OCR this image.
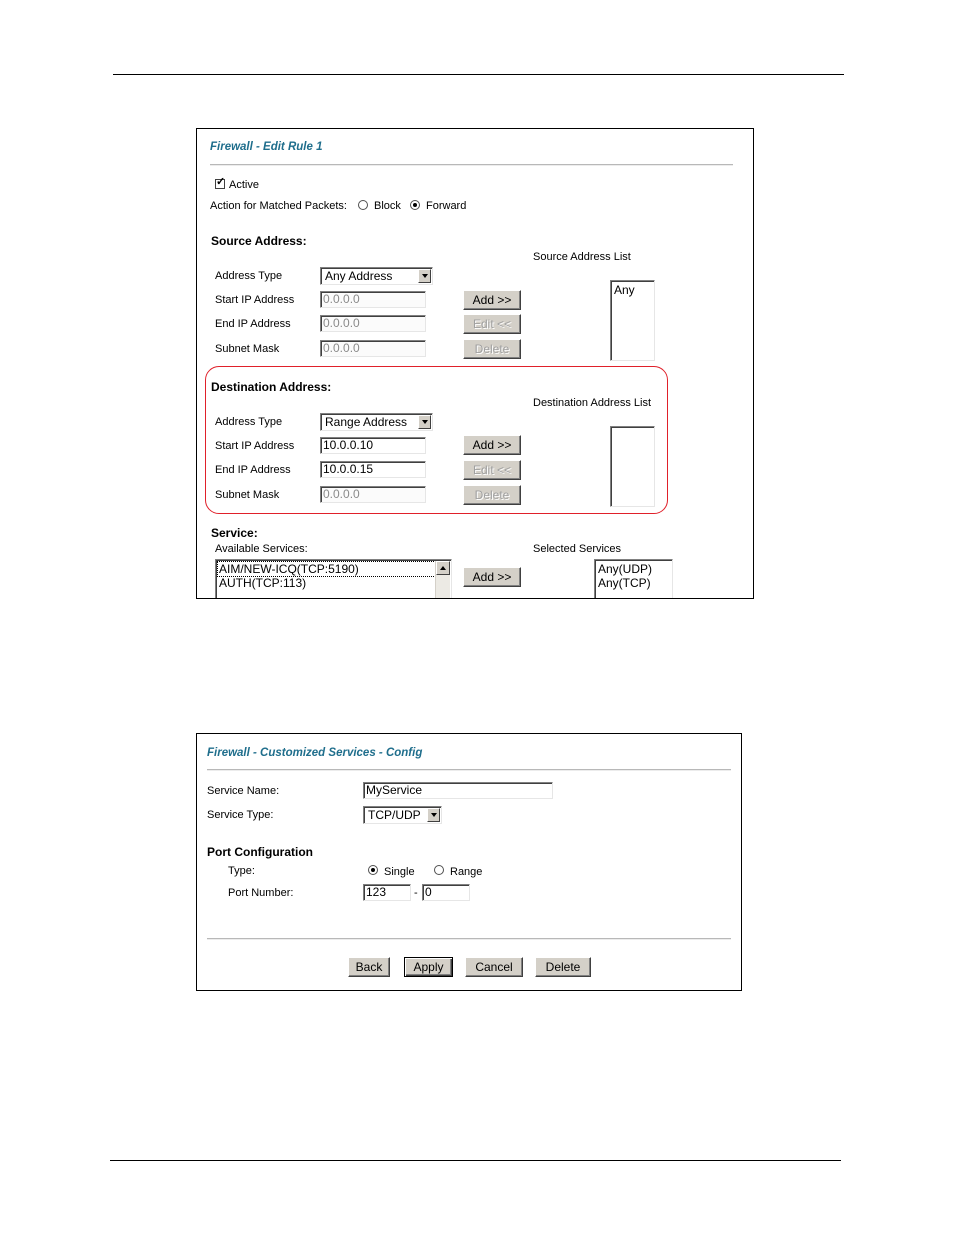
Firewall - Edit Rule 1
✓ Active
Action for Matched Packets: Block Forward
Source Address:
Source Address List
Address Type	Any Address
Start IP Address 0.0.0.0	Add >>
End IP Address	0.0.0.0	Edit <<
Subnet Mask	0.0.0.0	Delete
Any
Destination Address:
Destination Address List
Address Type	Range Address
Start IP Address 10.0.0.10	Add >>
End IP Address	10.0.0.15	Edit <<
Subnet Mask	0.0.0.0	Delete
Service:
Available Services:	Selected Services
AIM/NEW-ICQ(TCP:5190)
AUTH(TCP:113)	Add >>
Any(UDP)
Any(TCP)
Firewall - Customized Services - Config
Service Name:	MyService
Service Type:	TCP/UDP
Port Configuration
Type:	Single	Range
Port Number:	123	- 0
Back	Apply	Cancel	Delete
